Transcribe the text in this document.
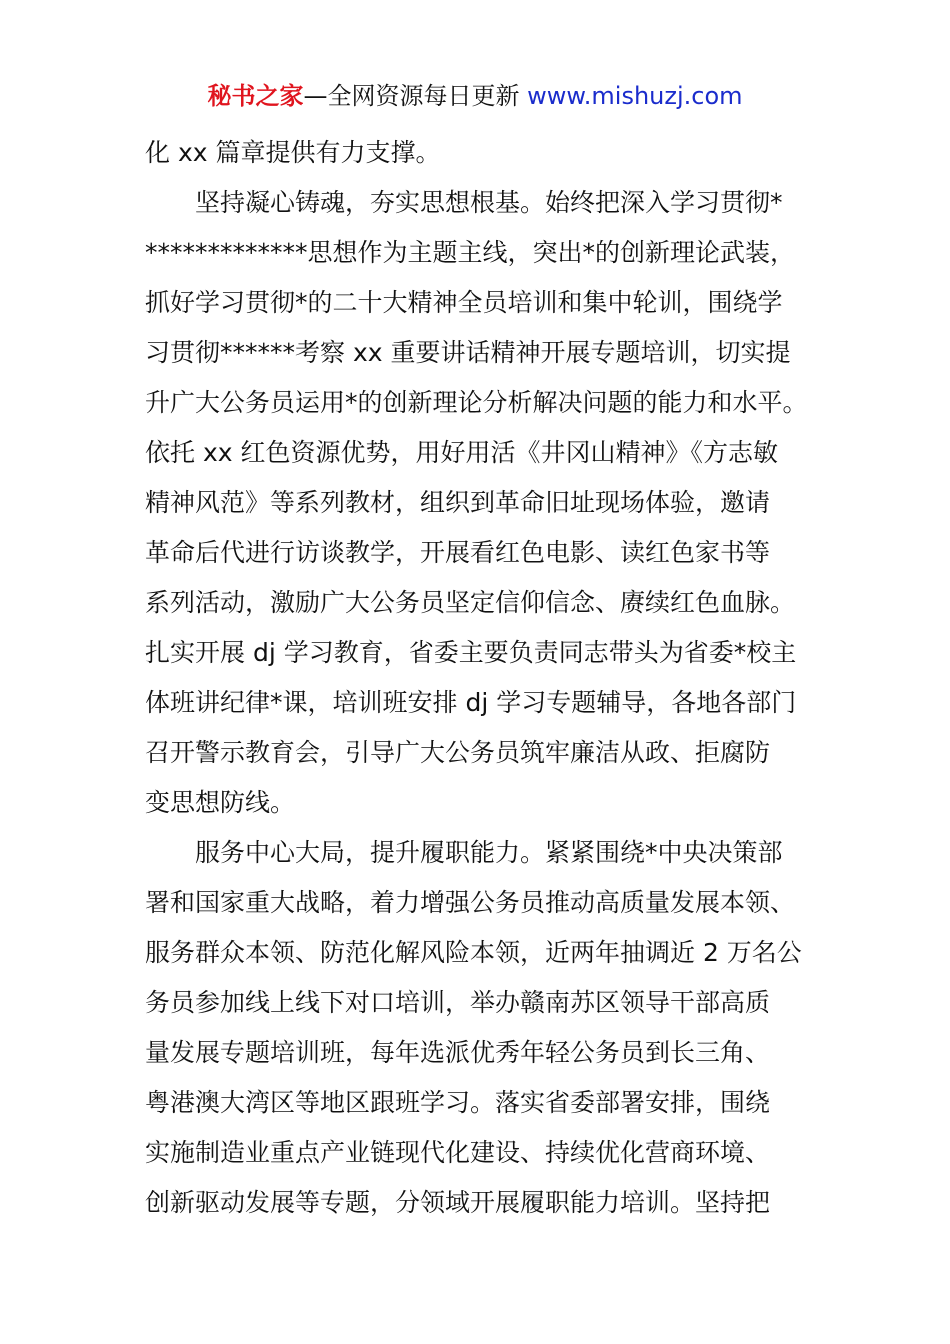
秘书之家—全网资源每日更新 www.mishuzj.com
化 xx 篇章提供有力支撑。
坚持凝心铸魂，夯实思想根基。始终把深入学习贯彻*
*************思想作为主题主线，突出*的创新理论武装，
抓好学习贯彻*的二十大精神全员培训和集中轮训，围绕学
习贯彻******考察 xx 重要讲话精神开展专题培训，切实提
升广大公务员运用*的创新理论分析解决问题的能力和水平。
依托 xx 红色资源优势，用好用活《井冈山精神》《方志敏
精神风范》等系列教材，组织到革命旧址现场体验，邀请
革命后代进行访谈教学，开展看红色电影、读红色家书等
系列活动，激励广大公务员坚定信仰信念、赓续红色血脉。
扎实开展 dj 学习教育，省委主要负责同志带头为省委*校主
体班讲纪律*课，培训班安排 dj 学习专题辅导，各地各部门
召开警示教育会，引导广大公务员筑牢廉洁从政、拒腐防
变思想防线。
服务中心大局，提升履职能力。紧紧围绕*中央决策部
署和国家重大战略，着力增强公务员推动高质量发展本领、
服务群众本领、防范化解风险本领，近两年抽调近 2 万名公
务员参加线上线下对口培训，举办赣南苏区领导干部高质
量发展专题培训班，每年选派优秀年轻公务员到长三角、
粤港澳大湾区等地区跟班学习。落实省委部署安排，围绕
实施制造业重点产业链现代化建设、持续优化营商环境、
创新驱动发展等专题，分领域开展履职能力培训。坚持把
